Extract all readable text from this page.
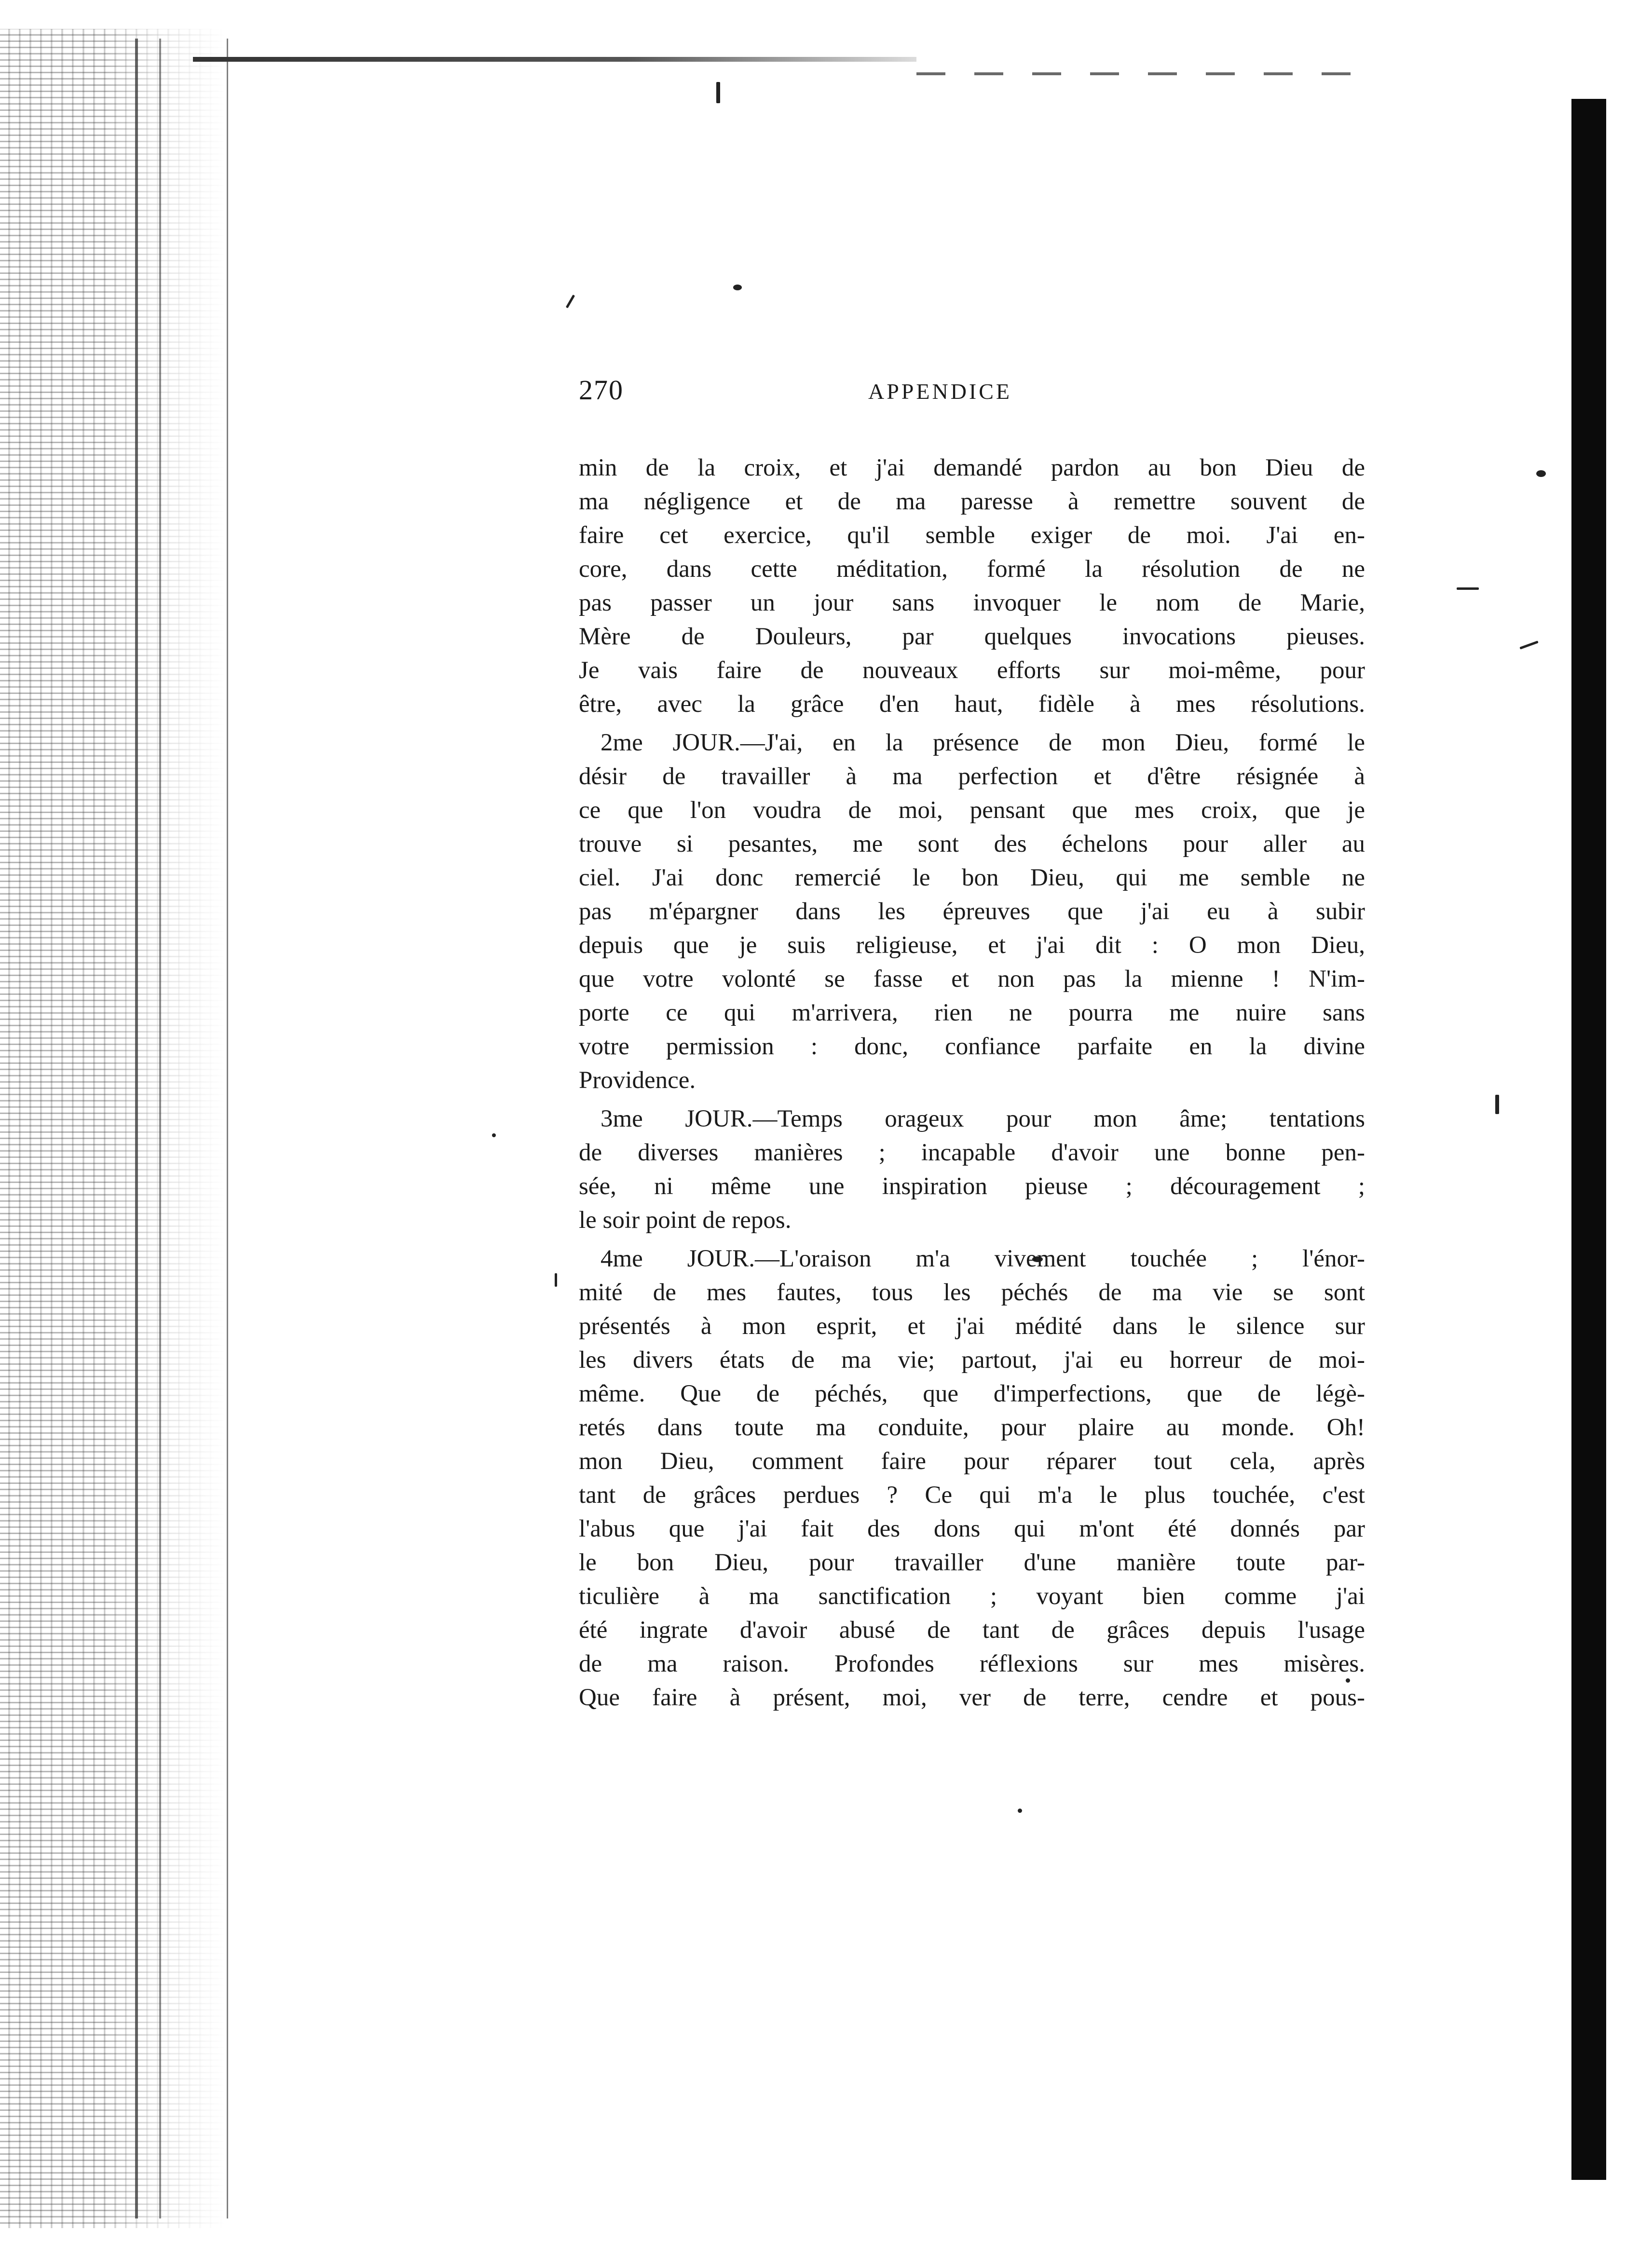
270	APPENDICE
min de la croix, et j'ai demandé pardon au bon Dieu de
ma négligence et de ma paresse à remettre souvent de
faire cet exercice, qu'il semble exiger de moi. J'ai en-
core, dans cette méditation, formé la résolution de ne
pas passer un jour sans invoquer le nom de Marie,
Mère de Douleurs, par quelques invocations pieuses.
Je vais faire de nouveaux efforts sur moi-même, pour
être, avec la grâce d'en haut, fidèle à mes résolutions.
2me JOUR.—J'ai, en la présence de mon Dieu, formé le
désir de travailler à ma perfection et d'être résignée à
ce que l'on voudra de moi, pensant que mes croix, que je
trouve si pesantes, me sont des échelons pour aller au
ciel. J'ai donc remercié le bon Dieu, qui me semble ne
pas m'épargner dans les épreuves que j'ai eu à subir
depuis que je suis religieuse, et j'ai dit : O mon Dieu,
que votre volonté se fasse et non pas la mienne ! N'im-
porte ce qui m'arrivera, rien ne pourra me nuire sans
votre permission : donc, confiance parfaite en la divine
Providence.
3me JOUR.—Temps orageux pour mon âme; tentations
de diverses manières ; incapable d'avoir une bonne pen-
sée, ni même une inspiration pieuse ; découragement ;
le soir point de repos.
4me JOUR.—L'oraison m'a vivement touchée ; l'énor-
mité de mes fautes, tous les péchés de ma vie se sont
présentés à mon esprit, et j'ai médité dans le silence sur
les divers états de ma vie; partout, j'ai eu horreur de moi-
même. Que de péchés, que d'imperfections, que de légè-
retés dans toute ma conduite, pour plaire au monde. Oh!
mon Dieu, comment faire pour réparer tout cela, après
tant de grâces perdues ? Ce qui m'a le plus touchée, c'est
l'abus que j'ai fait des dons qui m'ont été donnés par
le bon Dieu, pour travailler d'une manière toute par-
ticulière à ma sanctification ; voyant bien comme j'ai
été ingrate d'avoir abusé de tant de grâces depuis l'usage
de ma raison. Profondes réflexions sur mes misères.
Que faire à présent, moi, ver de terre, cendre et pous-
